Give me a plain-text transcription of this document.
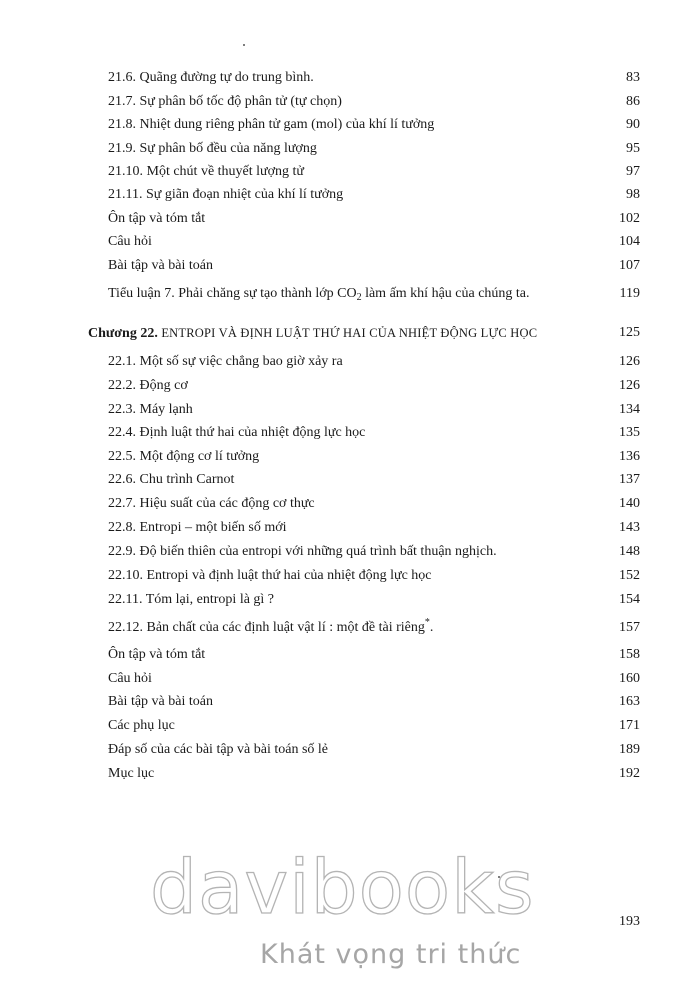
21.6. Quãng đường tự do trung bình.	83
21.7. Sự phân bố tốc độ phân tử (tự chọn)	86
21.8. Nhiệt dung riêng phân tử gam (mol) của khí lí tưởng	90
21.9. Sự phân bố đều của năng lượng	95
21.10. Một chút về thuyết lượng tử	97
21.11. Sự giãn đoạn nhiệt của khí lí tưởng	98
Ôn tập và tóm tắt	102
Câu hỏi	104
Bài tập và bài toán	107
Tiểu luận 7. Phải chăng sự tạo thành lớp $CO_2$ làm ấm khí hậu của chúng ta.	119
Chương 22. ENTROPI VÀ ĐỊNH LUẬT THỨ HAI CỦA NHIỆT ĐỘNG LỰC HỌC	125
22.1. Một số sự việc chẳng bao giờ xảy ra	126
22.2. Động cơ	126
22.3. Máy lạnh	134
22.4. Định luật thứ hai của nhiệt động lực học	135
22.5. Một động cơ lí tưởng	136
22.6. Chu trình Carnot	137
22.7. Hiệu suất của các động cơ thực	140
22.8. Entropi – một biến số mới	143
22.9. Độ biến thiên của entropi với những quá trình bất thuận nghịch.	148
22.10. Entropi và định luật thứ hai của nhiệt động lực học	152
22.11. Tóm lại, entropi là gì ?	154
22.12. Bản chất của các định luật vật lí : một đề tài riêng*.	157
Ôn tập và tóm tắt	158
Câu hỏi	160
Bài tập và bài toán	163
Các phụ lục	171
Đáp số của các bài tập và bài toán số lẻ	189
Mục lục	192
davibooks
Khát vọng tri thức
193
